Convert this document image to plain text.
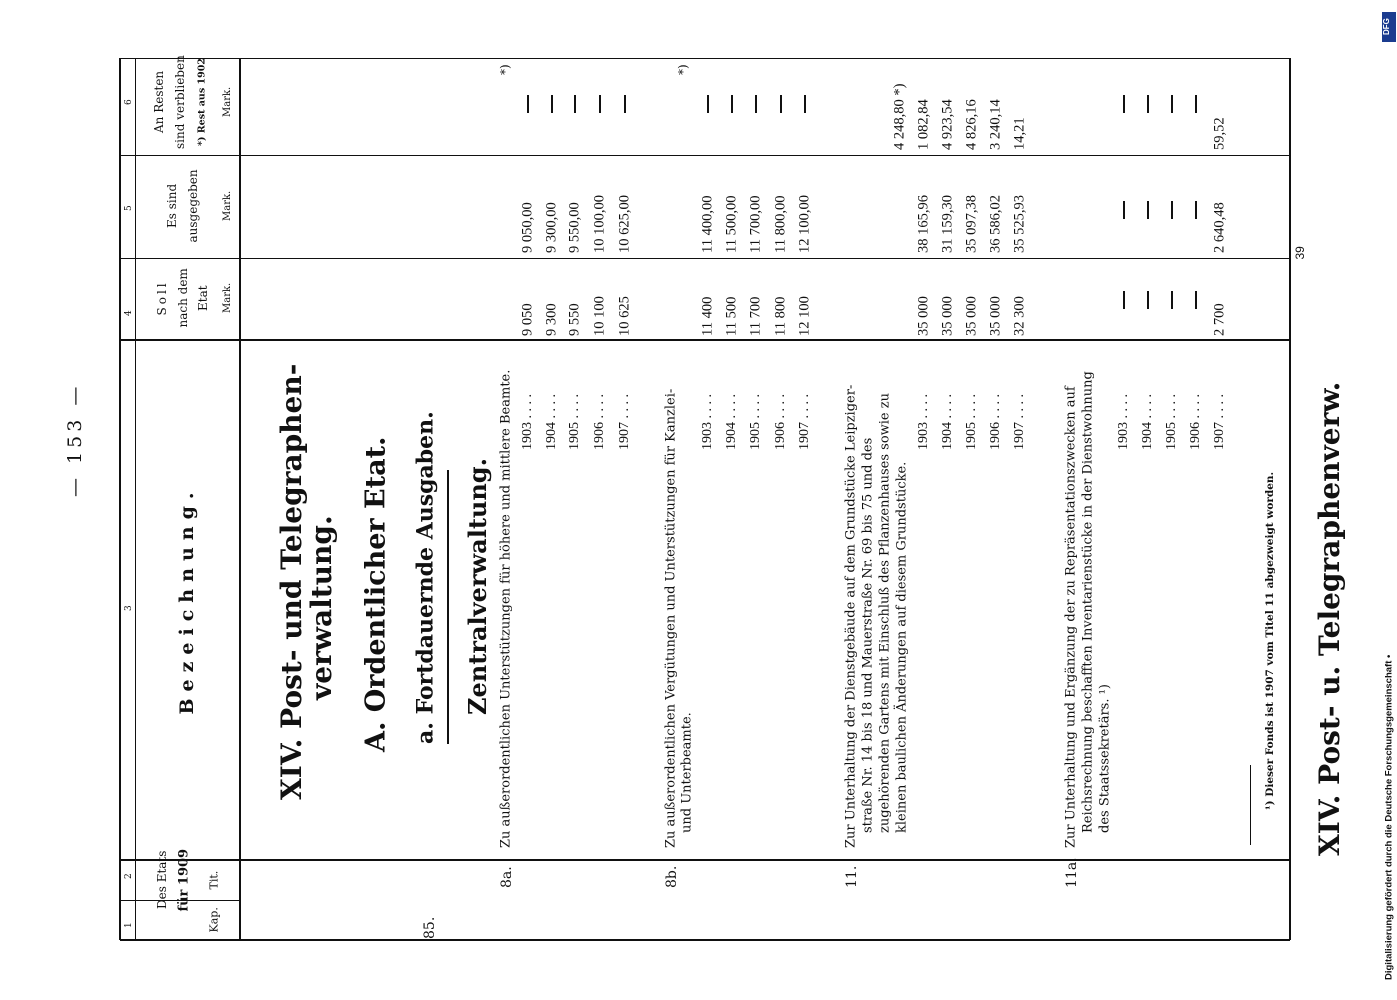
XIV. Post- u. Telegraphenverw.
— 153 —
1
2
3
4
5
6
Des Etats für 1909
Kap.
Tit.
Bezeichnung.
Soll nach dem Etat Mark.
Es sind ausgegeben Mark.
An Resten sind verblieben *) Rest aus 1902 Mark.
XIV. Post- und Telegraphen-
verwaltung. A. Ordentlicher Etat. a. Fortdauernde Ausgaben. Zentralverwaltung.
85.
8a.
Zu außerordentlichen Unterstützungen für höhere und mittlere Beamte. 1903 . . . .
9 050
9 050,00
1904 . . . .
9 300
9 300,00
1905 . . . .
9 550
9 550,00
1906 . . . .
10 100
10 100,00
1907 . . . .
10 625
10 625,00
*)
8b.
Zu außerordentlichen Vergütungen und Unterstützungen für Kanzlei- und Unterbeamte.
1903 . . . .
11 400
11 400,00
1904 . . . .
11 500
11 500,00
1905 . . . .
11 700
11 700,00
1906 . . . .
11 800
11 800,00
1907 . . . .
12 100
12 100,00
*)
11.
Zur Unterhaltung der Dienstgebäude auf dem Grundstücke Leipziger- straße Nr. 14 bis 18 und Mauerstraße Nr. 69 bis 75 und des zugehörenden Gartens mit Einschluß des Pflanzenhauses sowie zu kleinen baulichen Änderungen auf diesem Grundstücke.
4 248,80 *)
1903 . . . .
35 000
38 165,96
1 082,84
1904 . . . .
35 000
31 159,30
4 923,54
1905 . . . .
35 000
35 097,38
4 826,16
1906 . . . .
35 000
36 586,02
3 240,14
1907 . . . .
32 300
35 525,93
14,21
11a.
Zur Unterhaltung und Ergänzung der zu Repräsentationszwecken auf Reichsrechnung beschafften Inventarienstücke in der Dienstwohnung des Staatssekretärs. ¹)
1903 . . . . 1904 . . . . 1905 . . . . 1906 . . . . 1907 . . . .
2 700
2 640,48
59,52
¹) Dieser Fonds ist 1907 vom Titel 11 abgezweigt worden.
39
Digitalisierung gefördert durch die Deutsche Forschungsgemeinschaft •
DFG
